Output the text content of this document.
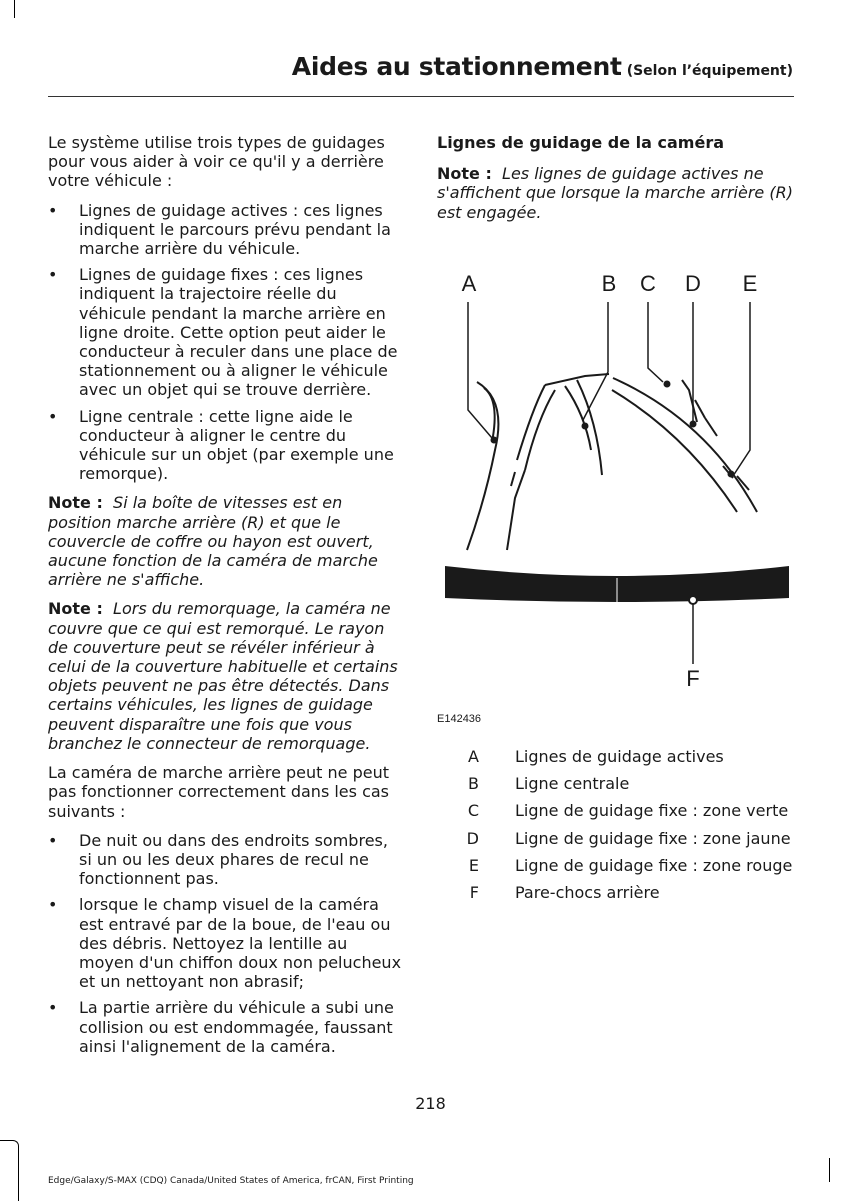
Aides au stationnement (Selon l’équipement)

Le système utilise trois types de guidages pour vous aider à voir ce qu'il y a derrière votre véhicule :

• Lignes de guidage actives : ces lignes indiquent le parcours prévu pendant la marche arrière du véhicule.
• Lignes de guidage fixes : ces lignes indiquent la trajectoire réelle du véhicule pendant la marche arrière en ligne droite. Cette option peut aider le conducteur à reculer dans une place de stationnement ou à aligner le véhicule avec un objet qui se trouve derrière.
• Ligne centrale : cette ligne aide le conducteur à aligner le centre du véhicule sur un objet (par exemple une remorque).

Note : Si la boîte de vitesses est en position marche arrière (R) et que le couvercle de coffre ou hayon est ouvert, aucune fonction de la caméra de marche arrière ne s'affiche.

Note : Lors du remorquage, la caméra ne couvre que ce qui est remorqué. Le rayon de couverture peut se révéler inférieur à celui de la couverture habituelle et certains objets peuvent ne pas être détectés. Dans certains véhicules, les lignes de guidage peuvent disparaître une fois que vous branchez le connecteur de remorquage.

La caméra de marche arrière peut ne peut pas fonctionner correctement dans les cas suivants :

• De nuit ou dans des endroits sombres, si un ou les deux phares de recul ne fonctionnent pas.
• lorsque le champ visuel de la caméra est entravé par de la boue, de l'eau ou des débris. Nettoyez la lentille au moyen d'un chiffon doux non pelucheux et un nettoyant non abrasif;
• La partie arrière du véhicule a subi une collision ou est endommagée, faussant ainsi l'alignement de la caméra.
Lignes de guidage de la caméra

Note : Les lignes de guidage actives ne s'affichent que lorsque la marche arrière (R) est engagée.

A	B C D E
F
E142436
A	Lignes de guidage actives
B	Ligne centrale
C	Ligne de guidage fixe : zone verte
D	Ligne de guidage fixe : zone jaune
E	Ligne de guidage fixe : zone rouge
F	Pare-chocs arrière
218
Edge/Galaxy/S-MAX (CDQ) Canada/United States of America, frCAN, First Printing
